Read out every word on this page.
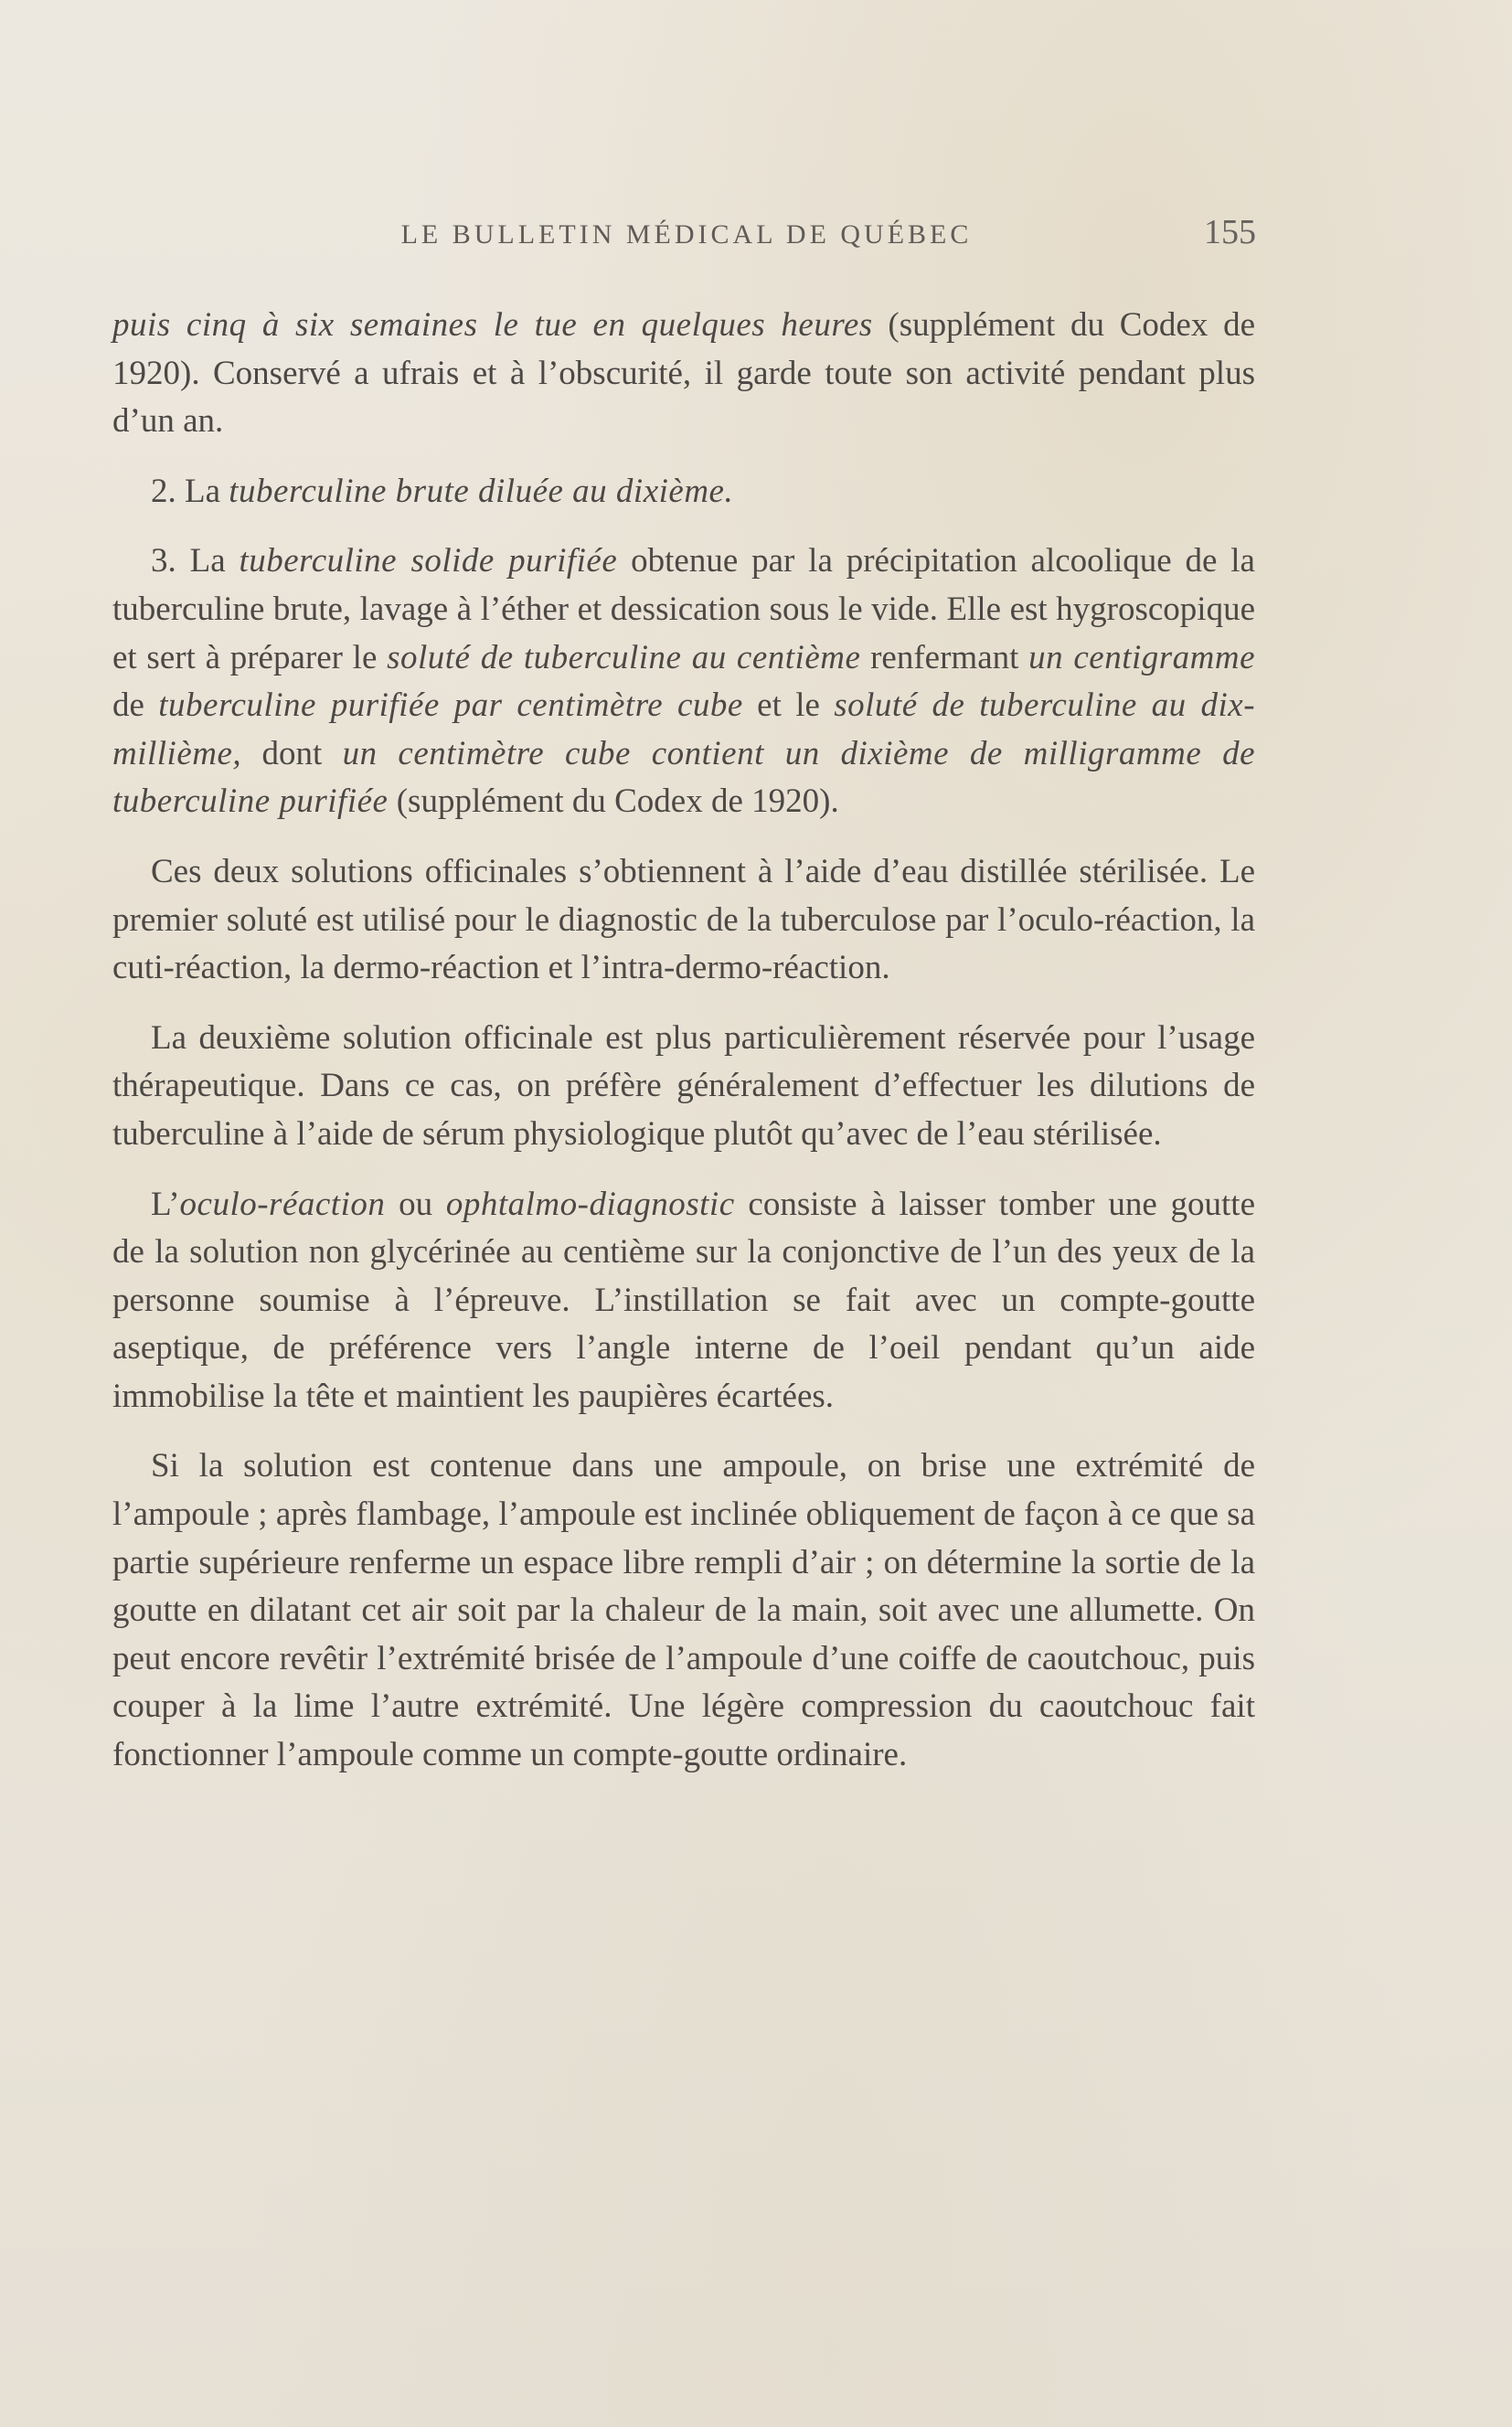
LE BULLETIN MÉDICAL DE QUÉBEC	155

puis cinq à six semaines le tue en quelques heures (supplément du Codex de 1920). Conservé a ufrais et à l’obscurité, il garde toute son activité pendant plus d’un an.

2. La tuberculine brute diluée au dixième.

3. La tuberculine solide purifiée obtenue par la précipitation alcoolique de la tuberculine brute, lavage à l’éther et dessication sous le vide. Elle est hygroscopique et sert à préparer le soluté de tuberculine au centième renfermant un centigramme de tuberculine purifiée par centimètre cube et le soluté de tuberculine au dix-millième, dont un centimètre cube contient un dixième de milligramme de tuberculine purifiée (supplément du Codex de 1920).

Ces deux solutions officinales s’obtiennent à l’aide d’eau distillée stérilisée. Le premier soluté est utilisé pour le diagnostic de la tuberculose par l’oculo-réaction, la cuti-réaction, la dermo-réaction et l’intra-dermo-réaction.

La deuxième solution officinale est plus particulièrement réservée pour l’usage thérapeutique. Dans ce cas, on préfère généralement d’effectuer les dilutions de tuberculine à l’aide de sérum physiologique plutôt qu’avec de l’eau stérilisée.

L’oculo-réaction ou ophtalmo-diagnostic consiste à laisser tomber une goutte de la solution non glycérinée au centième sur la conjonctive de l’un des yeux de la personne soumise à l’épreuve. L’instillation se fait avec un compte-goutte aseptique, de préférence vers l’angle interne de l’oeil pendant qu’un aide immobilise la tête et maintient les paupières écartées.

Si la solution est contenue dans une ampoule, on brise une extrémité de l’ampoule ; après flambage, l’ampoule est inclinée obliquement de façon à ce que sa partie supérieure renferme un espace libre rempli d’air ; on détermine la sortie de la goutte en dilatant cet air soit par la chaleur de la main, soit avec une allumette. On peut encore revêtir l’extrémité brisée de l’ampoule d’une coiffe de caoutchouc, puis couper à la lime l’autre extrémité. Une légère compression du caoutchouc fait fonctionner l’ampoule comme un compte-goutte ordinaire.
